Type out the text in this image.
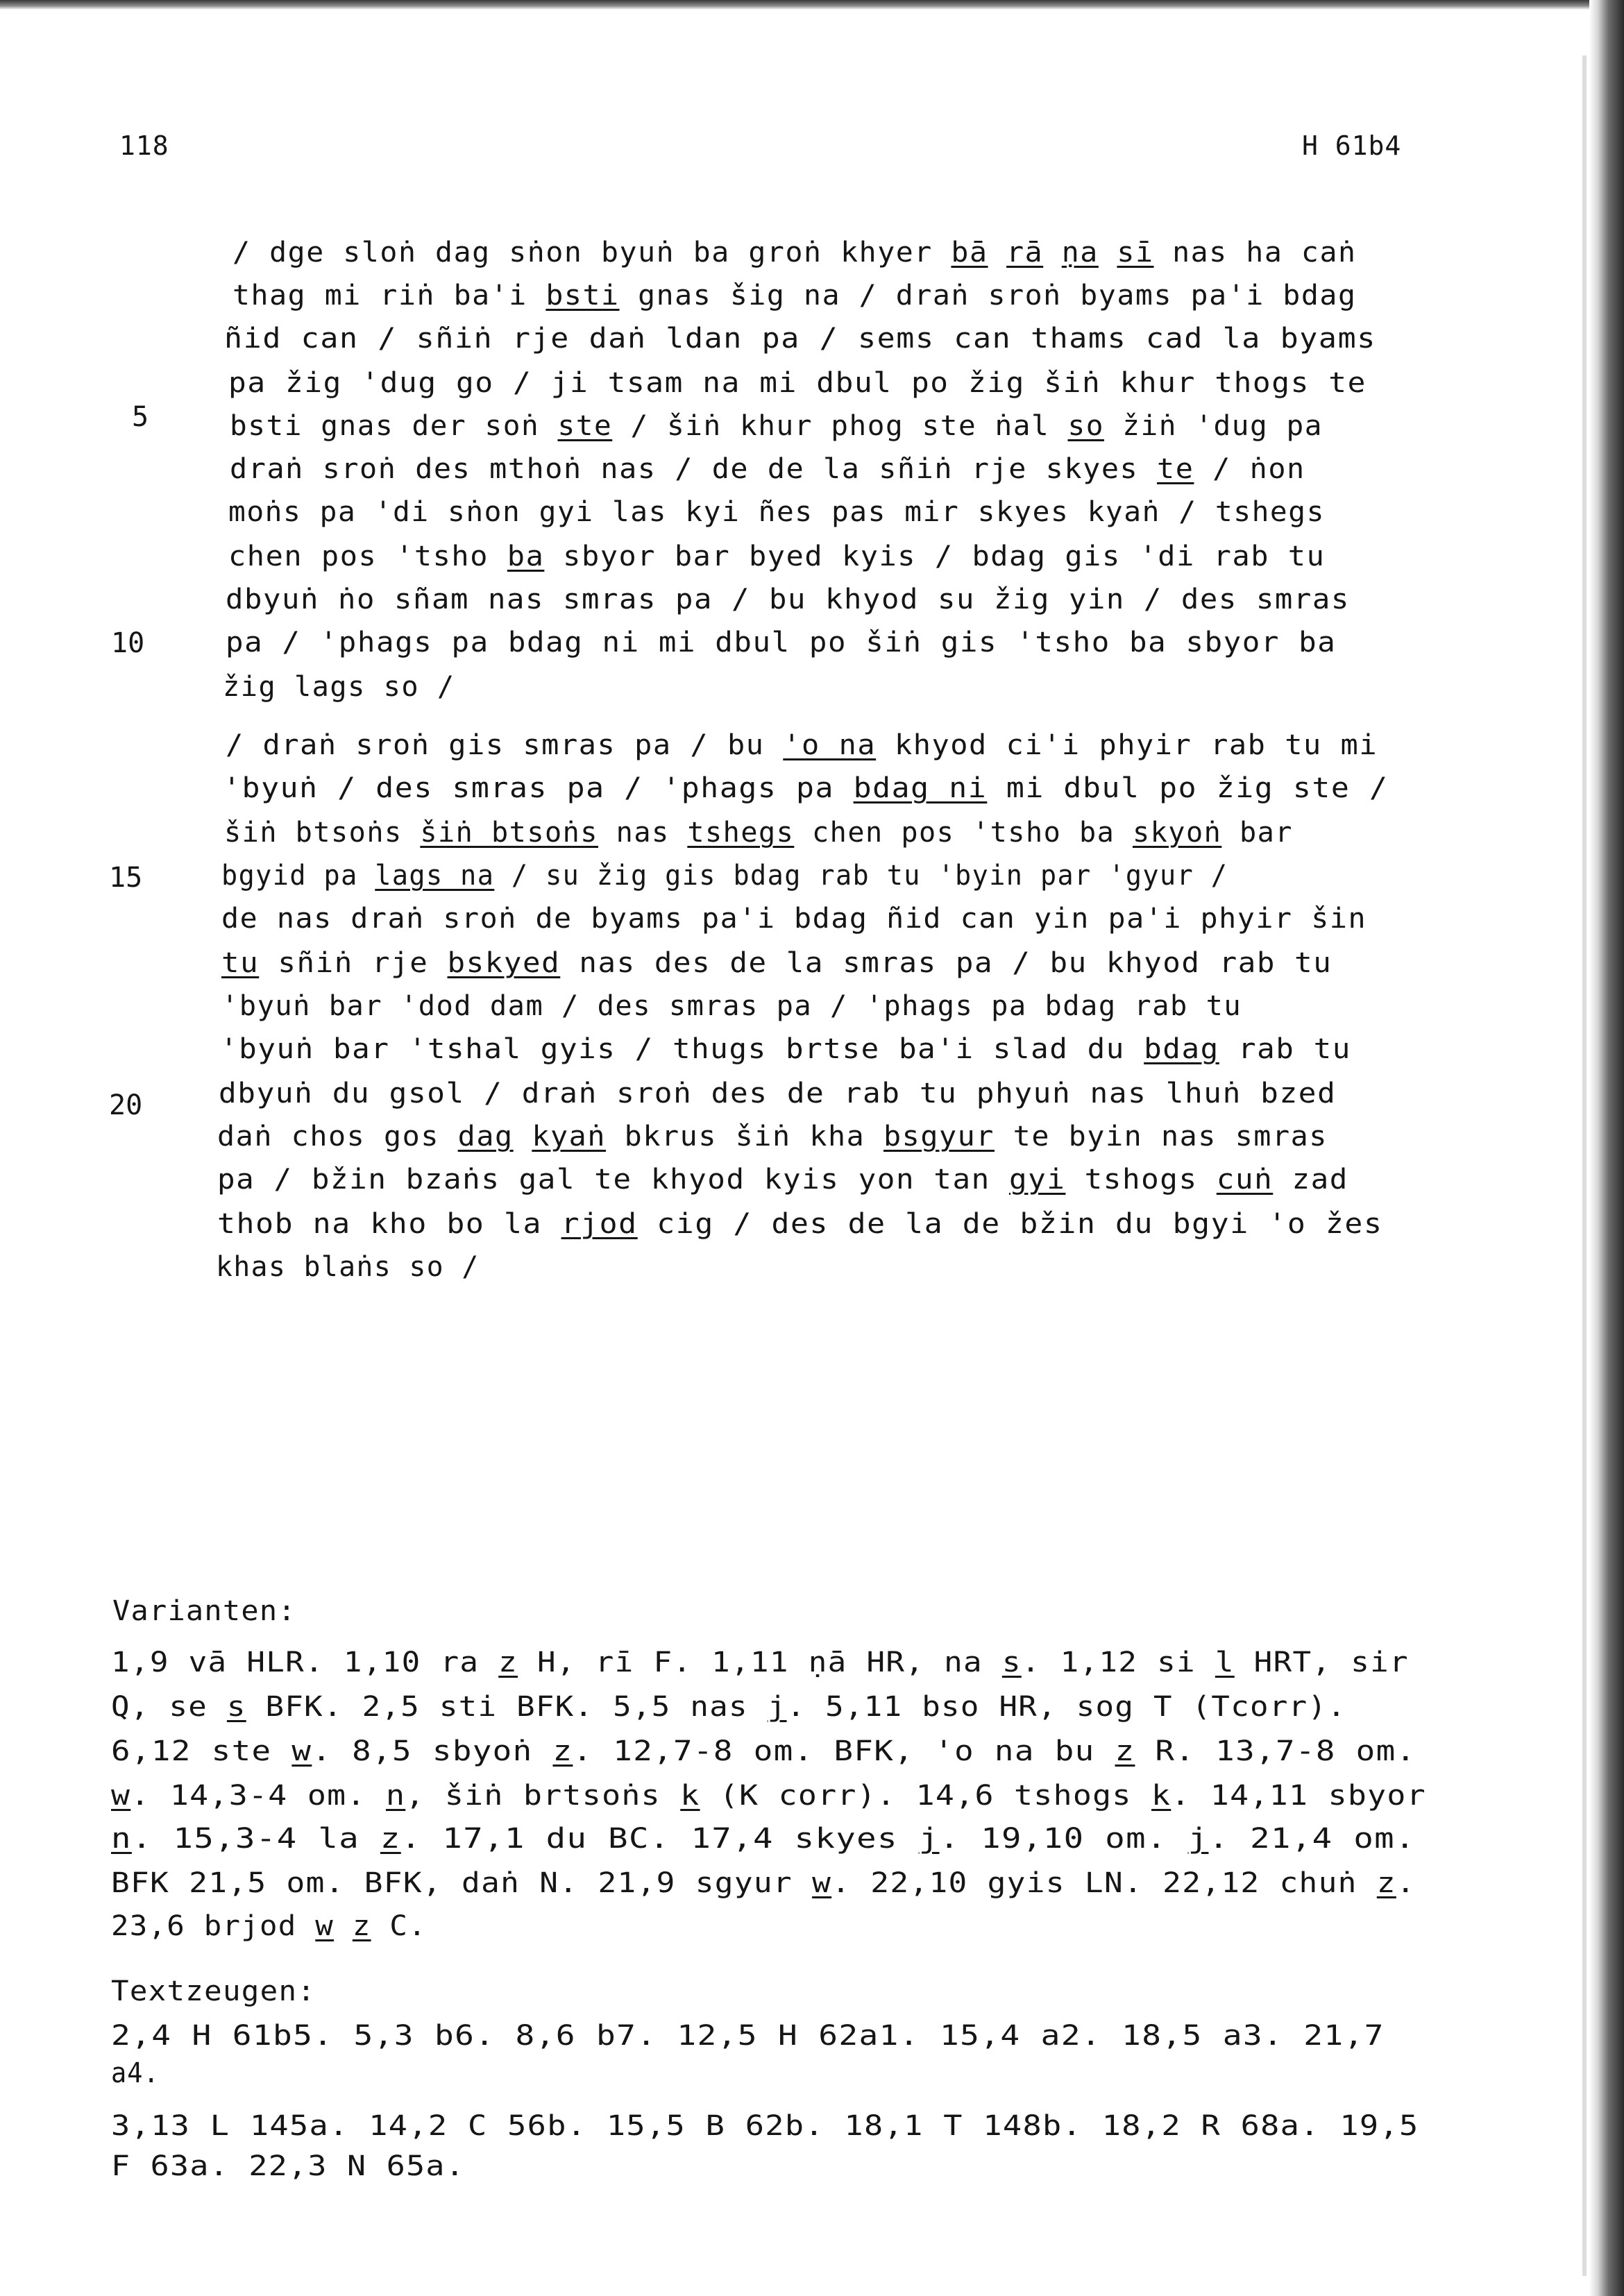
118	H 61b4
/ dge sloṅ dag sṅon byuṅ ba groṅ khyer bā rā ṇa sī nas ha caṅ
thag mi riṅ ba'i bsti gnas šig na / draṅ sroṅ byams pa'i bdag
ñid can / sñiṅ rje daṅ ldan pa / sems can thams cad la byams
pa žig 'dug go / ji tsam na mi dbul po žig šiṅ khur thogs te
bsti gnas der soṅ ste / šiṅ khur phog ste ṅal so žiṅ 'dug pa
draṅ sroṅ des mthoṅ nas / de de la sñiṅ rje skyes te / ṅon
moṅs pa 'di sṅon gyi las kyi ñes pas mir skyes kyaṅ / tshegs
chen pos 'tsho ba sbyor bar byed kyis / bdag gis 'di rab tu
dbyuṅ ṅo sñam nas smras pa / bu khyod su žig yin / des smras
pa / 'phags pa bdag ni mi dbul po šiṅ gis 'tsho ba sbyor ba
žig lags so /
/ draṅ sroṅ gis smras pa / bu 'o na khyod ci'i phyir rab tu mi
'byuṅ / des smras pa / 'phags pa bdag ni mi dbul po žig ste /
šiṅ btsoṅs šiṅ btsoṅs nas tshegs chen pos 'tsho ba skyoṅ bar
bgyid pa lags na / su žig gis bdag rab tu 'byin par 'gyur /
de nas draṅ sroṅ de byams pa'i bdag ñid can yin pa'i phyir šin
tu sñiṅ rje bskyed nas des de la smras pa / bu khyod rab tu
'byuṅ bar 'dod dam / des smras pa / 'phags pa bdag rab tu
'byuṅ bar 'tshal gyis / thugs brtse ba'i slad du bdag rab tu
dbyuṅ du gsol / draṅ sroṅ des de rab tu phyuṅ nas lhuṅ bzed
daṅ chos gos dag kyaṅ bkrus šiṅ kha bsgyur te byin nas smras
pa / bžin bzaṅs gal te khyod kyis yon tan gyi tshogs cuṅ zad
thob na kho bo la rjod cig / des de la de bžin du bgyi 'o žes
khas blaṅs so /
5
10
15
20
Varianten:
1,9 vā HLR. 1,10 ra z H, rī F. 1,11 ṇā HR, na s. 1,12 si l HRT, sir
Q, se s BFK. 2,5 sti BFK. 5,5 nas j. 5,11 bso HR, sog T (Tcorr).
6,12 ste w. 8,5 sbyoṅ z. 12,7-8 om. BFK, 'o na bu z R. 13,7-8 om.
w. 14,3-4 om. n, šiṅ brtsoṅs k (K corr). 14,6 tshogs k. 14,11 sbyor
n. 15,3-4 la z. 17,1 du BC. 17,4 skyes j. 19,10 om. j. 21,4 om.
BFK 21,5 om. BFK, daṅ N. 21,9 sgyur w. 22,10 gyis LN. 22,12 chuṅ z.
23,6 brjod w z C.
Textzeugen:
2,4 H 61b5. 5,3 b6. 8,6 b7. 12,5 H 62a1. 15,4 a2. 18,5 a3. 21,7
a4.
3,13 L 145a. 14,2 C 56b. 15,5 B 62b. 18,1 T 148b. 18,2 R 68a. 19,5
F 63a. 22,3 N 65a.
